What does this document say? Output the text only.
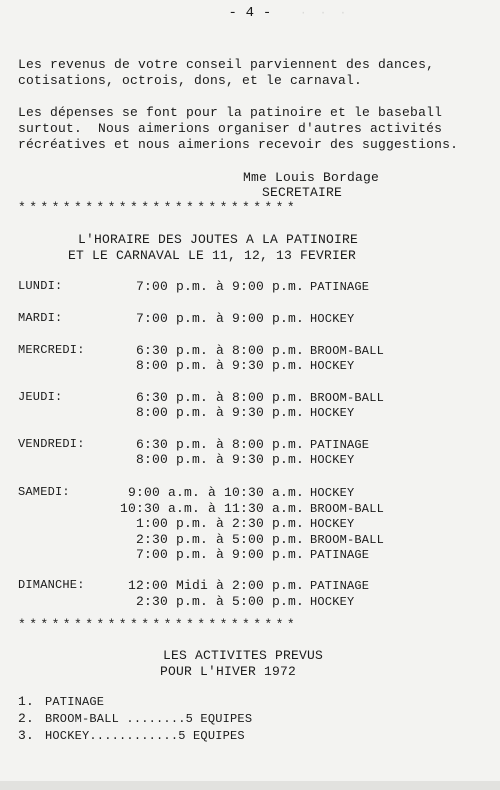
·  ·  ·
- 4 -
Les revenus de votre conseil parviennent des dances,
cotisations, octrois, dons, et le carnaval.
Les dépenses se font pour la patinoire et le baseball
surtout.  Nous aimerions organiser d'autres activités
récréatives et nous aimerions recevoir des suggestions.
Mme Louis Bordage
SECRETAIRE
*************************
L'HORAIRE DES JOUTES A LA PATINOIRE
ET LE CARNAVAL LE 11, 12, 13 FEVRIER
LUNDI:	7:00 p.m. à 9:00 p.m. PATINAGE
MARDI:	7:00 p.m. à 9:00 p.m. HOCKEY
MERCREDI:	6:30 p.m. à 8:00 p.m. BROOM-BALL
8:00 p.m. à 9:30 p.m. HOCKEY
JEUDI:	6:30 p.m. à 8:00 p.m. BROOM-BALL
8:00 p.m. à 9:30 p.m. HOCKEY
VENDREDI:	6:30 p.m. à 8:00 p.m. PATINAGE
8:00 p.m. à 9:30 p.m. HOCKEY
SAMEDI:	9:00 a.m. à 10:30 a.m. HOCKEY
10:30 a.m. à 11:30 a.m. BROOM-BALL
1:00 p.m. à 2:30 p.m. HOCKEY
2:30 p.m. à 5:00 p.m. BROOM-BALL
7:00 p.m. à 9:00 p.m. PATINAGE
DIMANCHE:	12:00 Midi à 2:00 p.m. PATINAGE
2:30 p.m. à 5:00 p.m. HOCKEY
*************************
LES ACTIVITES PREVUS
POUR L'HIVER 1972
1. PATINAGE
2. BROOM-BALL ........5 EQUIPES
3. HOCKEY............5 EQUIPES
